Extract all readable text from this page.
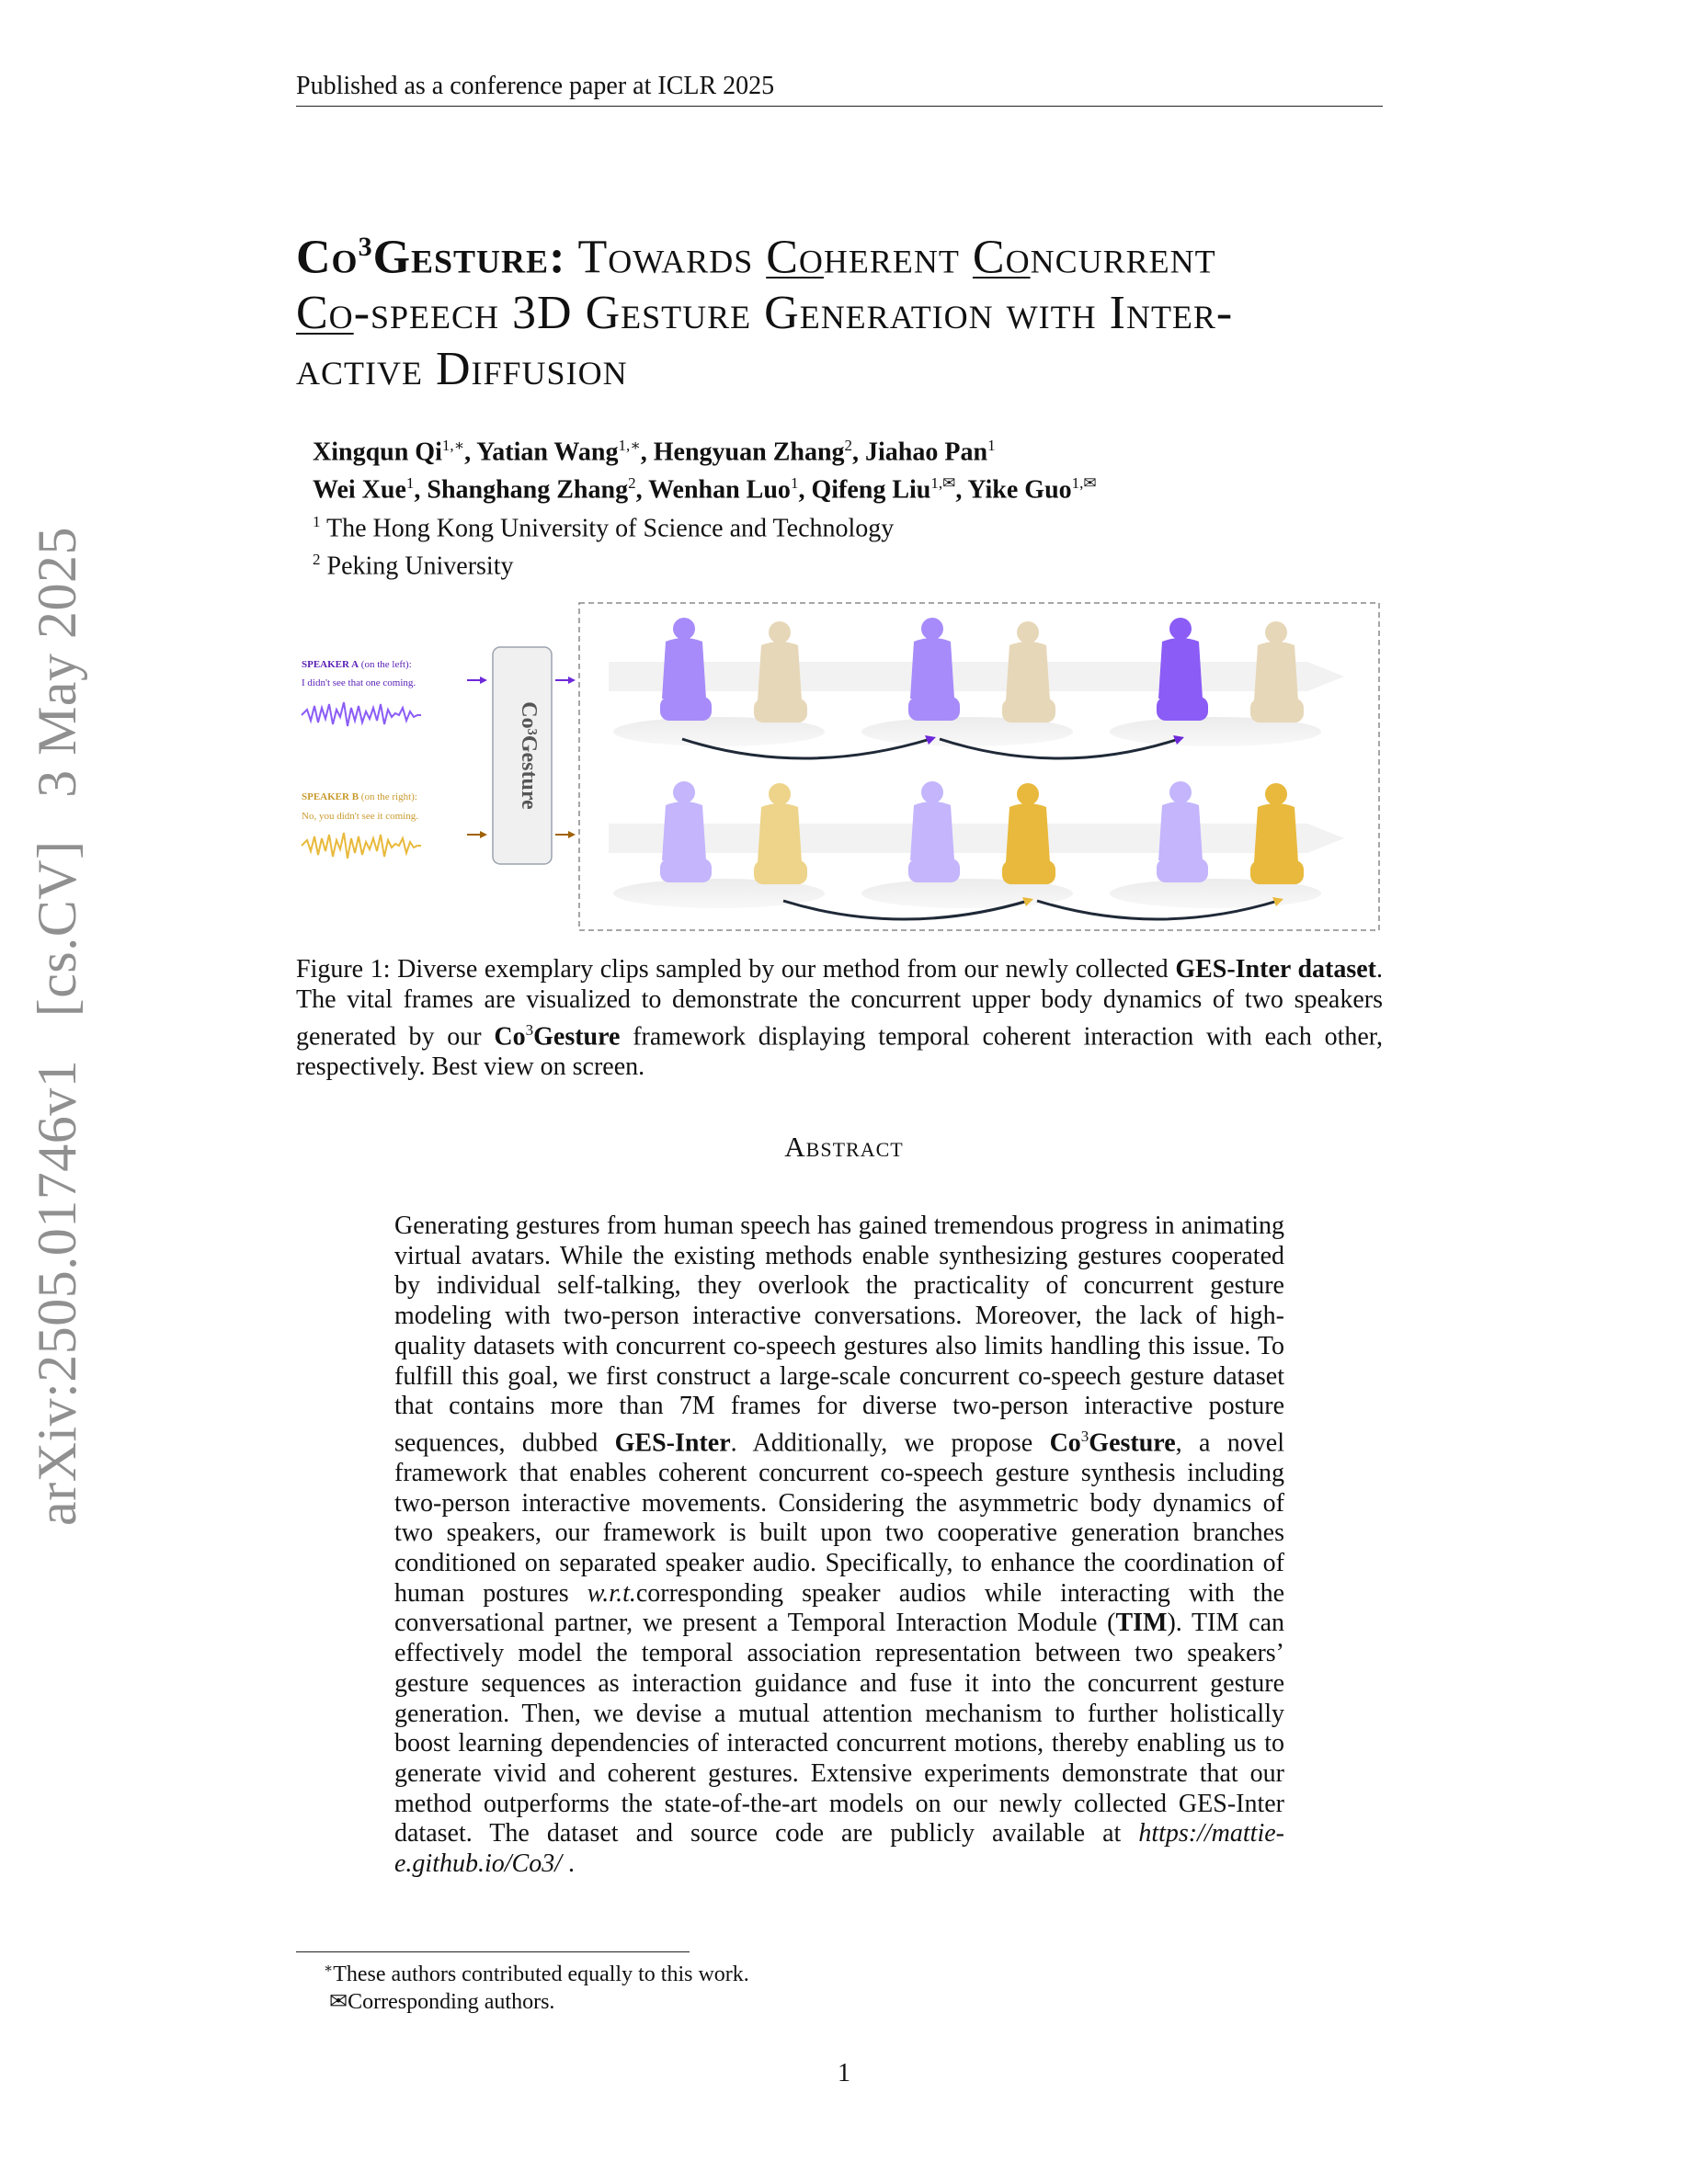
Published as a conference paper at ICLR 2025
arXiv:2505.01746v1   [cs.CV]   3 May 2025
Co$^3$Gesture: Towards Coherent Concurrent
Co-speech 3D Gesture Generation with Inter-
active Diffusion
Xingqun $Qi^{1,∗}$, Yatian Wang$^{1,∗}$, Hengyuan Zhang$^2$, Jiahao Pan$^1$
Wei Xue$^1$, Shanghang Zhang$^2$, Wenhan Luo$^1$, Qifeng Liu$^{1,✉}$, Yike Guo$^{1,✉}$
$^1$ The Hong Kong University of Science and Technology
$^2$ Peking University
SPEAKER A (on the left):
I didn't see that one coming.
SPEAKER B (on the right):
No, you didn't see it coming.
Co³Gesture
Figure 1: Diverse exemplary clips sampled by our method from our newly collected GES-Inter dataset. The vital frames are visualized to demonstrate the concurrent upper body dynamics of two speakers generated by our Co$^3$Gesture framework displaying temporal coherent interaction with each other, respectively. Best view on screen.
Abstract
Generating gestures from human speech has gained tremendous progress in animating virtual avatars. While the existing methods enable synthesizing gestures cooperated by individual self-talking, they overlook the practicality of concurrent gesture modeling with two-person interactive conversations. Moreover, the lack of high-quality datasets with concurrent co-speech gestures also limits handling this issue. To fulfill this goal, we first construct a large-scale concurrent co-speech gesture dataset that contains more than 7M frames for diverse two-person interactive posture sequences, dubbed GES-Inter. Additionally, we propose Co$^3$Gesture, a novel framework that enables coherent concurrent co-speech gesture synthesis including two-person interactive movements. Considering the asymmetric body dynamics of two speakers, our framework is built upon two cooperative generation branches conditioned on separated speaker audio. Specifically, to enhance the coordination of human postures w.r.t.corresponding speaker audios while interacting with the conversational partner, we present a Temporal Interaction Module (TIM). TIM can effectively model the temporal association representation between two speakers’ gesture sequences as interaction guidance and fuse it into the concurrent gesture generation. Then, we devise a mutual attention mechanism to further holistically boost learning dependencies of interacted concurrent motions, thereby enabling us to generate vivid and coherent gestures. Extensive experiments demonstrate that our method outperforms the state-of-the-art models on our newly collected GES-Inter dataset. The dataset and source code are publicly available at https://mattie-e.github.io/Co3/ .
∗These authors contributed equally to this work.
✉Corresponding authors.
1
